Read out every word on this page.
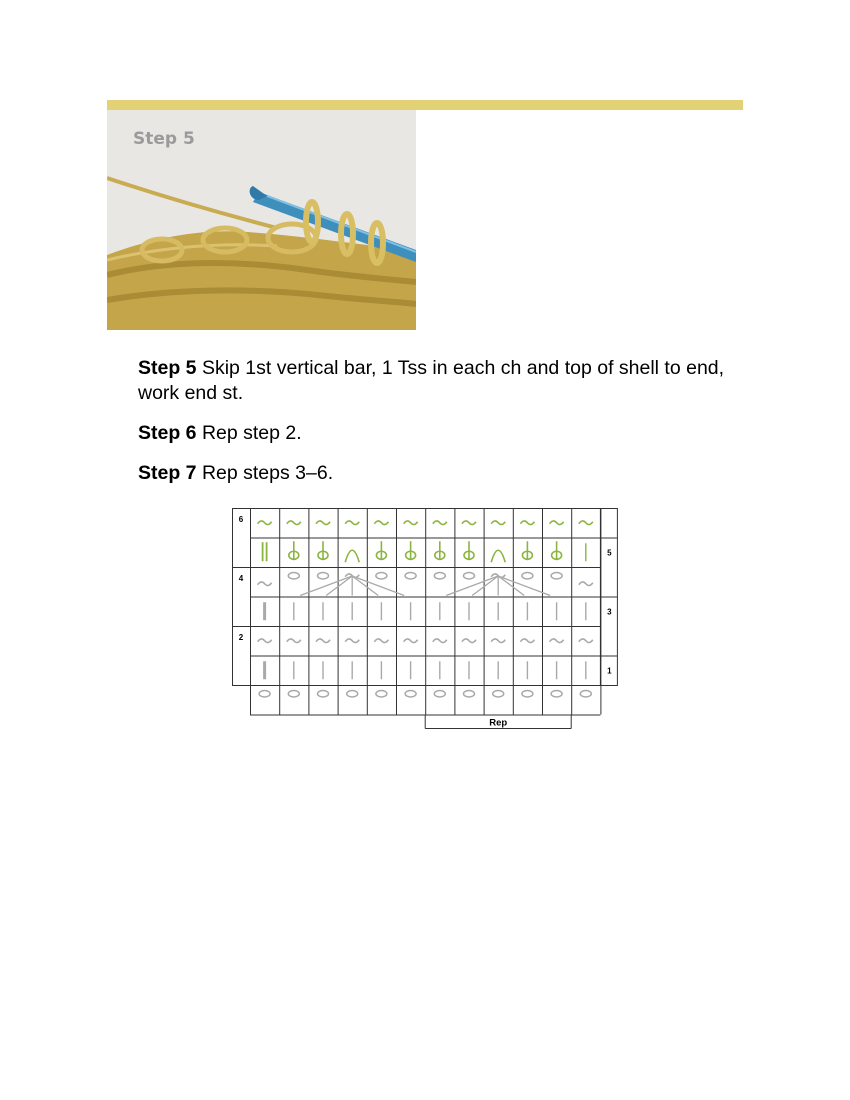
Step 5

Step 5 Skip 1st vertical bar, 1 Tss in each ch and top of shell to end, work end st.

Step 6 Rep step 2.

Step 7 Rep steps 3–6.

Rep
6
4
2
5
3
1
